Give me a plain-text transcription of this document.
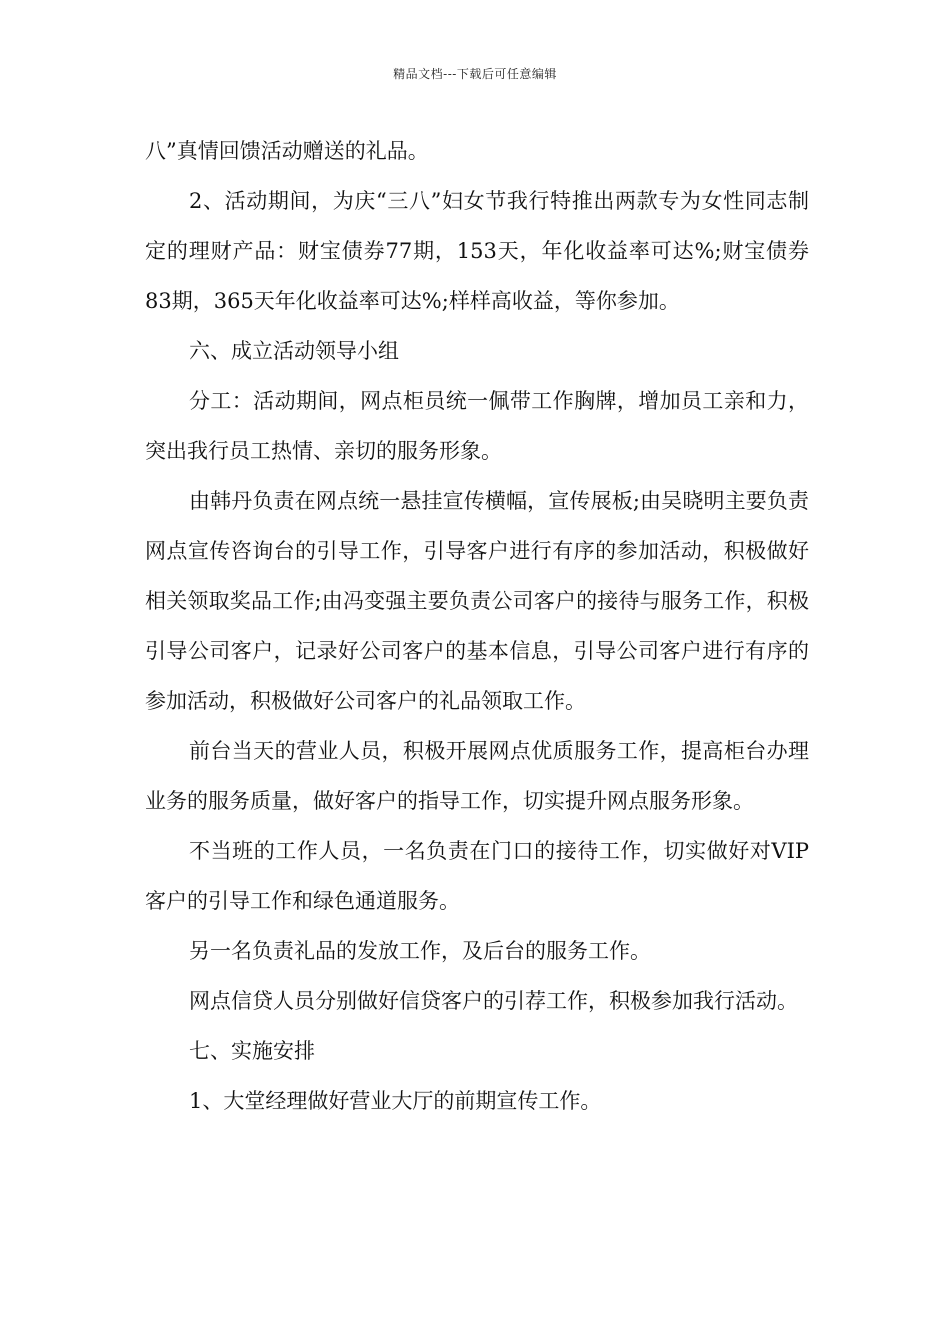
精品文档---下载后可任意编辑

八”真情回馈活动赠送的礼品。

2、活动期间，为庆“三八”妇女节我行特推出两款专为女性同志制定的理财产品：财宝债券77期，153天，年化收益率可达%;财宝债券83期，365天年化收益率可达%;样样高收益，等你参加。

六、成立活动领导小组

分工：活动期间，网点柜员统一佩带工作胸牌，增加员工亲和力，突出我行员工热情、亲切的服务形象。

由韩丹负责在网点统一悬挂宣传横幅，宣传展板;由吴晓明主要负责网点宣传咨询台的引导工作，引导客户进行有序的参加活动，积极做好相关领取奖品工作;由冯变强主要负责公司客户的接待与服务工作，积极引导公司客户，记录好公司客户的基本信息，引导公司客户进行有序的参加活动，积极做好公司客户的礼品领取工作。

前台当天的营业人员，积极开展网点优质服务工作，提高柜台办理业务的服务质量，做好客户的指导工作，切实提升网点服务形象。

不当班的工作人员，一名负责在门口的接待工作，切实做好对VIP客户的引导工作和绿色通道服务。

另一名负责礼品的发放工作，及后台的服务工作。

网点信贷人员分别做好信贷客户的引荐工作，积极参加我行活动。

七、实施安排

1、大堂经理做好营业大厅的前期宣传工作。
